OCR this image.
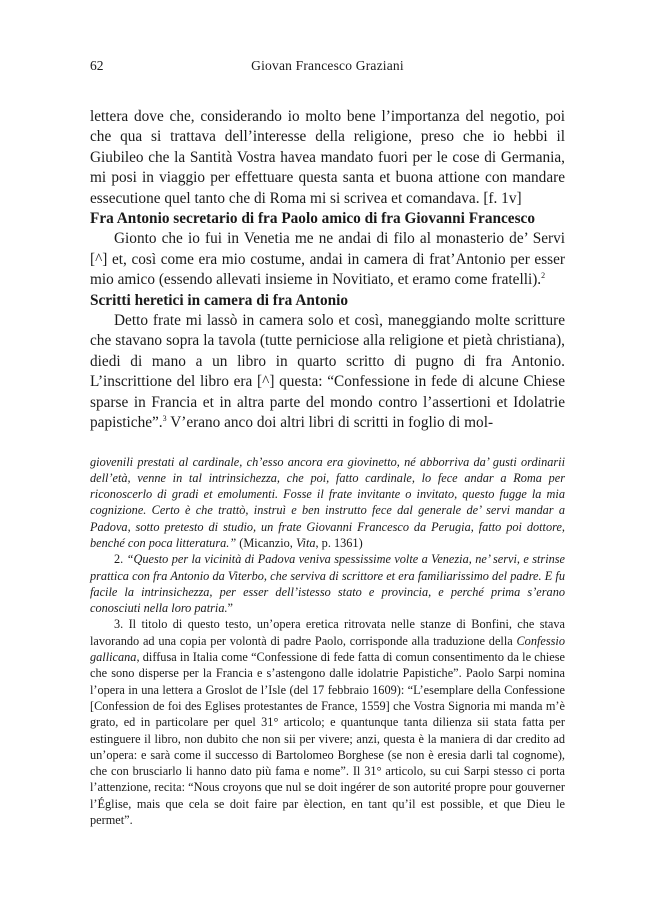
62	Giovan Francesco Graziani

lettera dove che, considerando io molto bene l’importanza del negotio, poi che qua si trattava dell’interesse della religione, preso che io hebbi il Giubileo che la Santità Vostra havea mandato fuori per le cose di Germania, mi posi in viaggio per effettuare questa santa et buona attione con mandare essecutione quel tanto che di Roma mi si scrivea et comandava. [f. 1v]

Fra Antonio secretario di fra Paolo amico di fra Giovanni Francesco

Gionto che io fui in Venetia me ne andai di filo al monasterio de’ Servi [^] et, così come era mio costume, andai in camera di frat’Antonio per esser mio amico (essendo allevati insieme in Novitiato, et eramo come fratelli).$^2$

Scritti heretici in camera di fra Antonio

Detto frate mi lassò in camera solo et così, maneggiando molte scritture che stavano sopra la tavola (tutte perniciose alla religione et pietà christiana), diedi di mano a un libro in quarto scritto di pugno di fra Antonio. L’inscrittione del libro era [^] questa: “Confessione in fede di alcune Chiese sparse in Francia et in altra parte del mondo contro l’assertioni et Idolatrie papistiche”.$^3$ V’erano anco doi altri libri di scritti in foglio di mol-

giovenili prestati al cardinale, ch’esso ancora era giovinetto, né abborriva da’ gusti ordinarii dell’età, venne in tal intrinsichezza, che poi, fatto cardinale, lo fece andar a Roma per riconoscerlo di gradi et emolumenti. Fosse il frate invitante o invitato, questo fugge la mia cognizione. Certo è che trattò, instruì e ben instrutto fece dal generale de’ servi mandar a Padova, sotto pretesto di studio, un frate Giovanni Francesco da Perugia, fatto poi dottore, benché con poca litteratura.” (Micanzio, Vita, p. 1361)

2. “Questo per la vicinità di Padova veniva spessissime volte a Venezia, ne’ servi, e strinse prattica con fra Antonio da Viterbo, che serviva di scrittore et era familiarissimo del padre. E fu facile la intrinsichezza, per esser dell’istesso stato e provincia, e perché prima s’erano conosciuti nella loro patria.”

3. Il titolo di questo testo, un’opera eretica ritrovata nelle stanze di Bonfini, che stava lavorando ad una copia per volontà di padre Paolo, corrisponde alla traduzione della Confessio gallicana, diffusa in Italia come “Confessione di fede fatta di comun consentimento da le chiese che sono disperse per la Francia e s’astengono dalle idolatrie Papistiche”. Paolo Sarpi nomina l’opera in una lettera a Groslot de l’Isle (del 17 febbraio 1609): “L’esemplare della Confessione [Confession de foi des Eglises protestantes de France, 1559] che Vostra Signoria mi manda m’è grato, ed in particolare per quel 31° articolo; e quantunque tanta dilienza sii stata fatta per estinguere il libro, non dubito che non sii per vivere; anzi, questa è la maniera di dar credito ad un’opera: e sarà come il successo di Bartolomeo Borghese (se non è eresia darli tal cognome), che con brusciarlo li hanno dato più fama e nome”. Il 31° articolo, su cui Sarpi stesso ci porta l’attenzione, recita: “Nous croyons que nul se doit ingérer de son autorité propre pour gouverner l’Église, mais que cela se doit faire par èlection, en tant qu’il est possible, et que Dieu le permet”.
